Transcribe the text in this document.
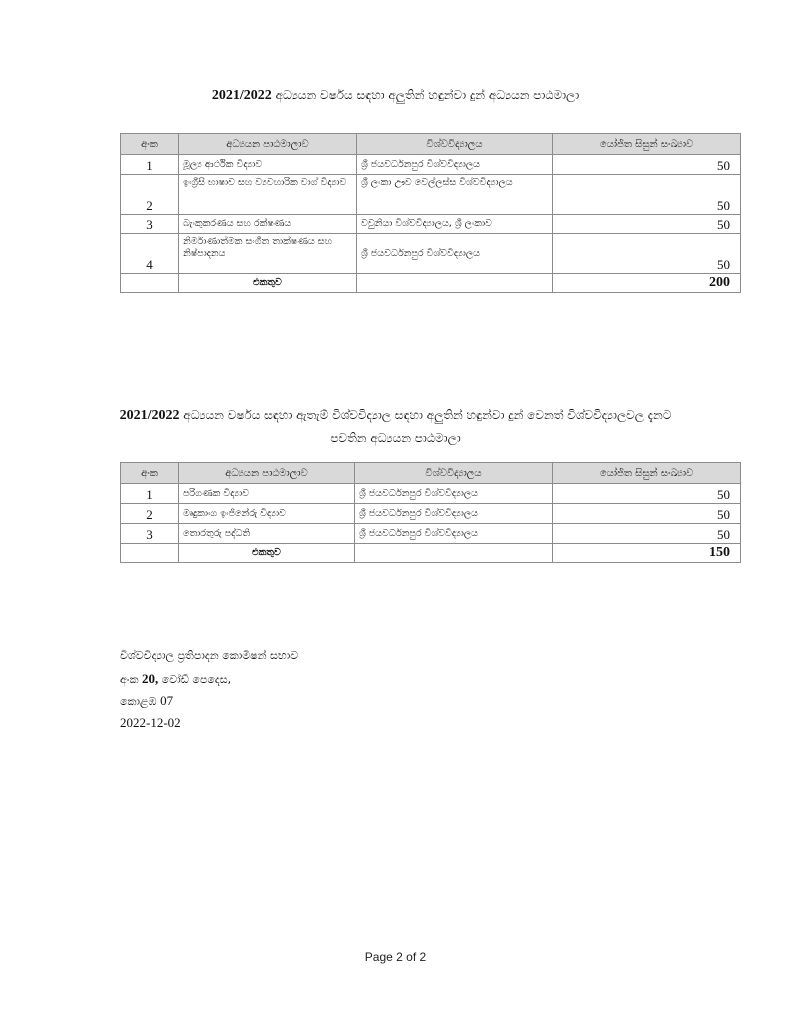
2021/2022 අධ්‍යයන වර්ෂය සඳහා අලුතින් හඳුන්වා දුන් අධ්‍යයන පාඨමාලා
අංක	අධ්‍යයන පාඨමාලාව	විශ්වවිද්‍යාලය	යෝජිත සිසුන් සංඛ්‍යාව
1	මූල්‍ය ආර්ථික විද්‍යාව	ශ්‍රී ජයවර්ධනපුර විශ්වවිද්‍යාලය	50
2	ඉංග්‍රීසි භාෂාව සහ ව්‍යවහාරික වාග් විද්‍යාව	ශ්‍රී ලංකා ඌව වෙල්ලස්ස විශ්වවිද්‍යාලය	50
3	බැංකුකරණය සහ රක්ෂණය	වවුනියා විශ්වවිද්‍යාලය, ශ්‍රී ලංකාව	50
4	නිර්මාණාත්මක සංගීත තාක්ෂණය සහ නිෂ්පාදනය	ශ්‍රී ජයවර්ධනපුර විශ්වවිද්‍යාලය	50
	එකතුව		200
2021/2022 අධ්‍යයන වර්ෂය සඳහා ඇතැම් විශ්වවිද්‍යාල සඳහා අලුතින් හඳුන්වා දුන් වෙනත් විශ්වවිද්‍යාලවල දැනට
පවතින අධ්‍යයන පාඨමාලා
අංක	අධ්‍යයන පාඨමාලාව	විශ්වවිද්‍යාලය	යෝජිත සිසුන් සංඛ්‍යාව
1	පරිගණක විද්‍යාව	ශ්‍රී ජයවර්ධනපුර විශ්වවිද්‍යාලය	50
2	මෘදුකාංග ඉංජිනේරු විද්‍යාව	ශ්‍රී ජයවර්ධනපුර විශ්වවිද්‍යාලය	50
3	තොරතුරු පද්ධති	ශ්‍රී ජයවර්ධනපුර විශ්වවිද්‍යාලය	50
	එකතුව		150
විශ්වවිද්‍යාල ප්‍රතිපාදන කොමිෂන් සභාව
අංක 20, වෝඩ් පෙදෙස,
කොළඹ 07
2022-12-02
Page 2 of 2
